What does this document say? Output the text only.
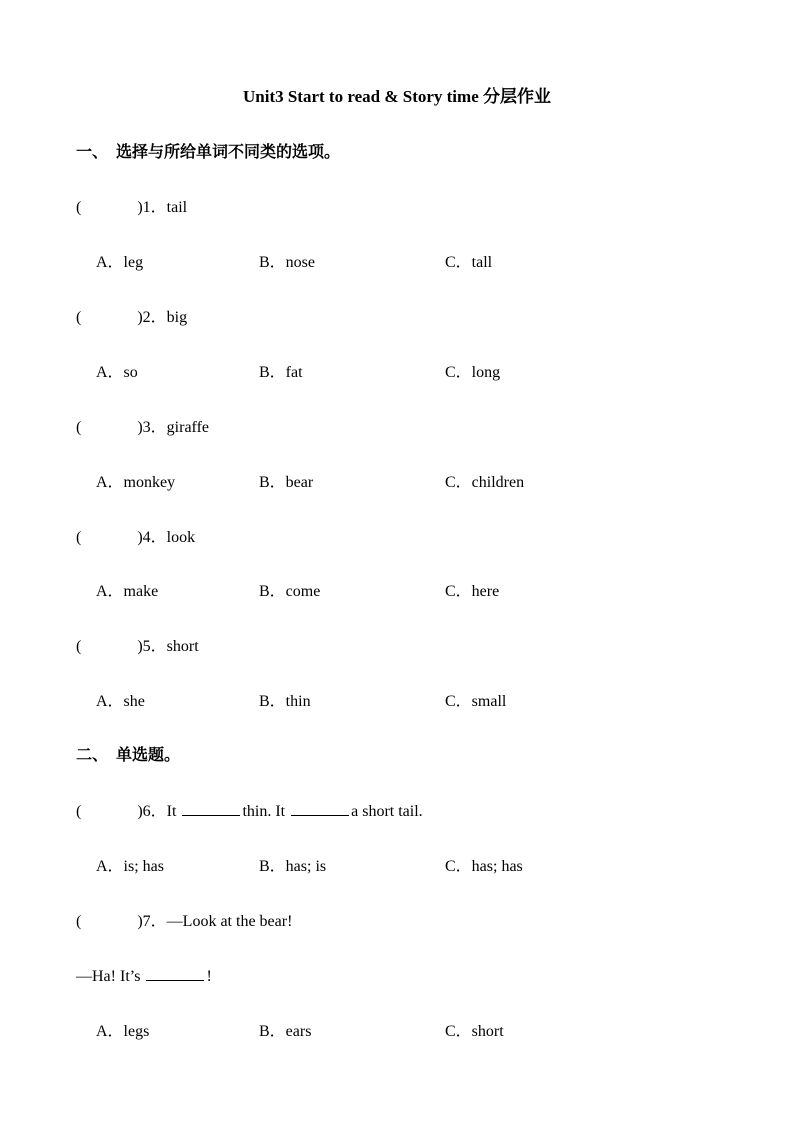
Unit3 Start to read & Story time 分层作业
一、 选择与所给单词不同类的选项。
(	)1．tail
A．leg	B．nose	C．tall
(	)2．big
A．so	B．fat	C．long
(	)3．giraffe
A．monkey	B．bear	C．children
(	)4．look
A．make	B．come	C．here
(	)5．short
A．she	B．thin	C．small
二、 单选题。
(	)6．It	thin. It	a short tail.
A．is; has	B．has; is	C．has; has
(	)7．—Look at the bear!
—Ha! It’s	!
A．legs	B．ears	C．short
